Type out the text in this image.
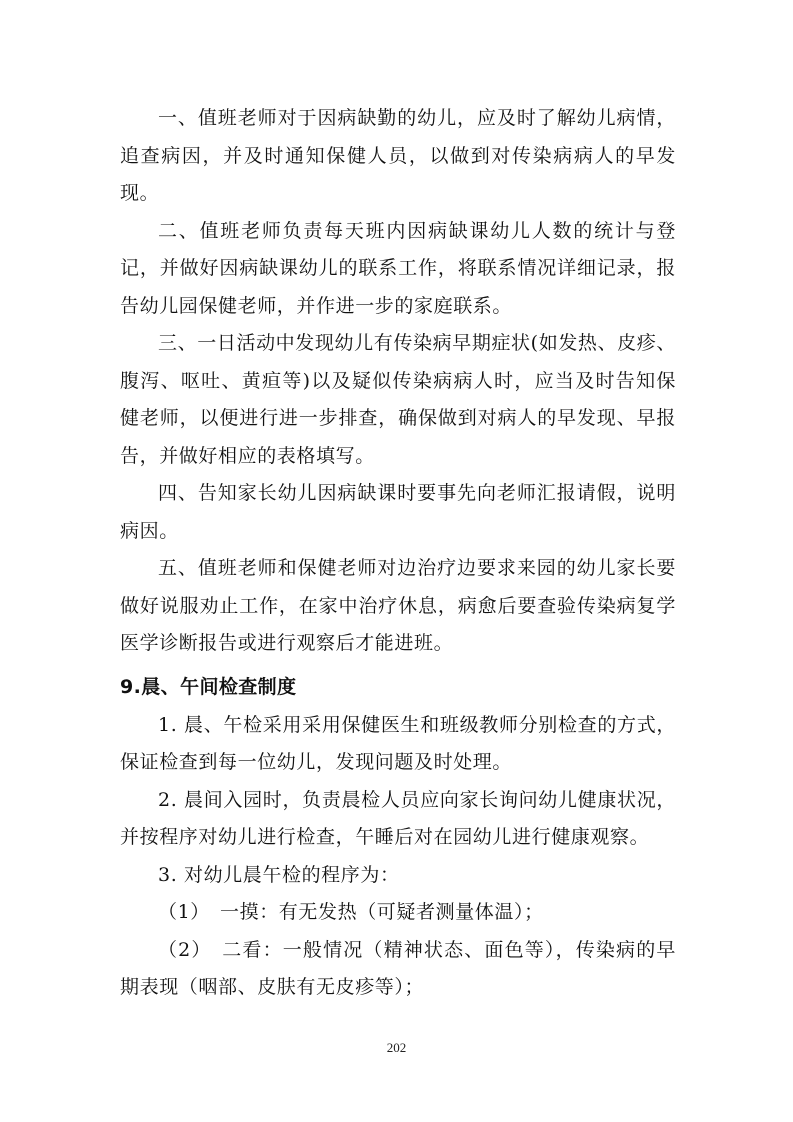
一、值班老师对于因病缺勤的幼儿，应及时了解幼儿病情，追查病因，并及时通知保健人员，以做到对传染病病人的早发现。

二、值班老师负责每天班内因病缺课幼儿人数的统计与登记，并做好因病缺课幼儿的联系工作，将联系情况详细记录，报告幼儿园保健老师，并作进一步的家庭联系。

三、一日活动中发现幼儿有传染病早期症状(如发热、皮疹、腹泻、呕吐、黄疸等)以及疑似传染病病人时，应当及时告知保健老师，以便进行进一步排查，确保做到对病人的早发现、早报告，并做好相应的表格填写。

四、告知家长幼儿因病缺课时要事先向老师汇报请假，说明病因。

五、值班老师和保健老师对边治疗边要求来园的幼儿家长要做好说服劝止工作，在家中治疗休息，病愈后要查验传染病复学医学诊断报告或进行观察后才能进班。

9.晨、午间检查制度

1. 晨、午检采用采用保健医生和班级教师分别检查的方式，保证检查到每一位幼儿，发现问题及时处理。

2. 晨间入园时，负责晨检人员应向家长询问幼儿健康状况，并按程序对幼儿进行检查，午睡后对在园幼儿进行健康观察。

3. 对幼儿晨午检的程序为：

（1）　一摸：有无发热（可疑者测量体温）；

（2）　二看：一般情况（精神状态、面色等），传染病的早期表现（咽部、皮肤有无皮疹等）；

202
